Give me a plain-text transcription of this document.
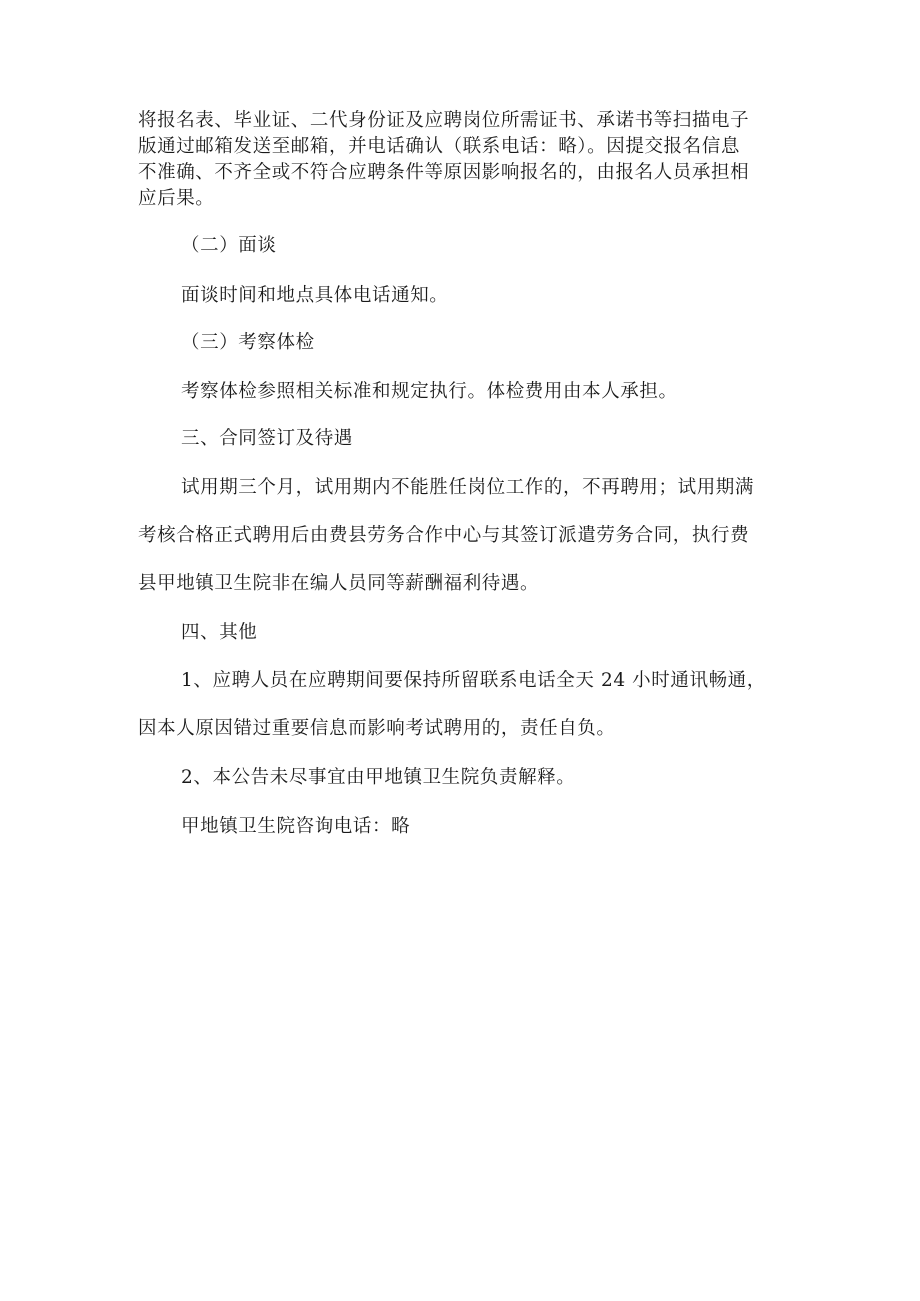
将报名表、毕业证、二代身份证及应聘岗位所需证书、承诺书等扫描电子
版通过邮箱发送至邮箱，并电话确认（联系电话：略）。因提交报名信息
不准确、不齐全或不符合应聘条件等原因影响报名的，由报名人员承担相
应后果。
（二）面谈
面谈时间和地点具体电话通知。
（三）考察体检
考察体检参照相关标准和规定执行。体检费用由本人承担。
三、合同签订及待遇
试用期三个月，试用期内不能胜任岗位工作的，不再聘用；试用期满
考核合格正式聘用后由费县劳务合作中心与其签订派遣劳务合同，执行费
县甲地镇卫生院非在编人员同等薪酬福利待遇。
四、其他
1、应聘人员在应聘期间要保持所留联系电话全天 24 小时通讯畅通，
因本人原因错过重要信息而影响考试聘用的，责任自负。
2、本公告未尽事宜由甲地镇卫生院负责解释。
甲地镇卫生院咨询电话：略
